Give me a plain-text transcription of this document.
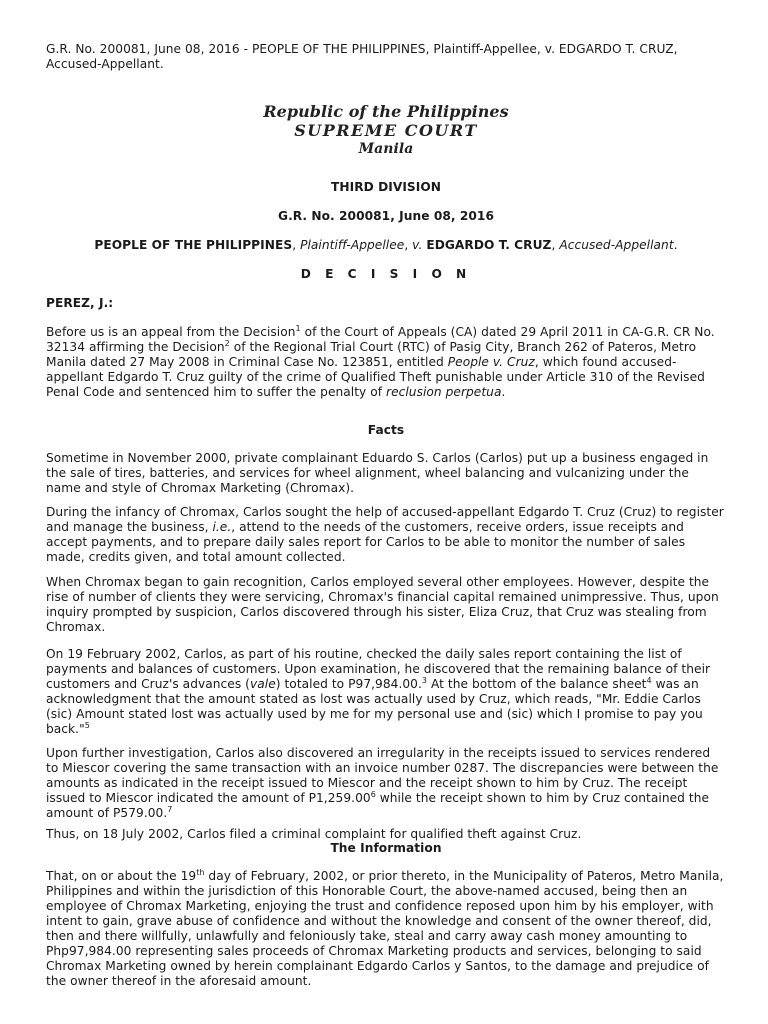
G.R. No. 200081, June 08, 2016 - PEOPLE OF THE PHILIPPINES, Plaintiff-Appellee, v. EDGARDO T. CRUZ, Accused-Appellant.

Republic of the Philippines
SUPREME COURT
Manila

THIRD DIVISION

G.R. No. 200081, June 08, 2016

PEOPLE OF THE PHILIPPINES, Plaintiff-Appellee, v. EDGARDO T. CRUZ, Accused-Appellant.

D E C I S I O N

PEREZ, J.:

Before us is an appeal from the Decision$^1$ of the Court of Appeals (CA) dated 29 April 2011 in CA-G.R. CR No. 32134 affirming the Decision$^2$ of the Regional Trial Court (RTC) of Pasig City, Branch 262 of Pateros, Metro Manila dated 27 May 2008 in Criminal Case No. 123851, entitled People v. Cruz, which found accused-appellant Edgardo T. Cruz guilty of the crime of Qualified Theft punishable under Article 310 of the Revised Penal Code and sentenced him to suffer the penalty of reclusion perpetua.

Facts

Sometime in November 2000, private complainant Eduardo S. Carlos (Carlos) put up a business engaged in the sale of tires, batteries, and services for wheel alignment, wheel balancing and vulcanizing under the name and style of Chromax Marketing (Chromax).

During the infancy of Chromax, Carlos sought the help of accused-appellant Edgardo T. Cruz (Cruz) to register and manage the business, i.e., attend to the needs of the customers, receive orders, issue receipts and accept payments, and to prepare daily sales report for Carlos to be able to monitor the number of sales made, credits given, and total amount collected.

When Chromax began to gain recognition, Carlos employed several other employees. However, despite the rise of number of clients they were servicing, Chromax's financial capital remained unimpressive. Thus, upon inquiry prompted by suspicion, Carlos discovered through his sister, Eliza Cruz, that Cruz was stealing from Chromax.

On 19 February 2002, Carlos, as part of his routine, checked the daily sales report containing the list of payments and balances of customers. Upon examination, he discovered that the remaining balance of their customers and Cruz's advances (vale) totaled to P97,984.00.$^3$ At the bottom of the balance sheet$^4$ was an acknowledgment that the amount stated as lost was actually used by Cruz, which reads, "Mr. Eddie Carlos (sic) Amount stated lost was actually used by me for my personal use and (sic) which I promise to pay you back."$^5$

Upon further investigation, Carlos also discovered an irregularity in the receipts issued to services rendered to Miescor covering the same transaction with an invoice number 0287. The discrepancies were between the amounts as indicated in the receipt issued to Miescor and the receipt shown to him by Cruz. The receipt issued to Miescor indicated the amount of P1,259.00$^6$ while the receipt shown to him by Cruz contained the amount of P579.00.$^7$

Thus, on 18 July 2002, Carlos filed a criminal complaint for qualified theft against Cruz.

The Information

That, on or about the 19th day of February, 2002, or prior thereto, in the Municipality of Pateros, Metro Manila, Philippines and within the jurisdiction of this Honorable Court, the above-named accused, being then an employee of Chromax Marketing, enjoying the trust and confidence reposed upon him by his employer, with intent to gain, grave abuse of confidence and without the knowledge and consent of the owner thereof, did, then and there willfully, unlawfully and feloniously take, steal and carry away cash money amounting to Php97,984.00 representing sales proceeds of Chromax Marketing products and services, belonging to said Chromax Marketing owned by herein complainant Edgardo Carlos y Santos, to the damage and prejudice of the owner thereof in the aforesaid amount.
